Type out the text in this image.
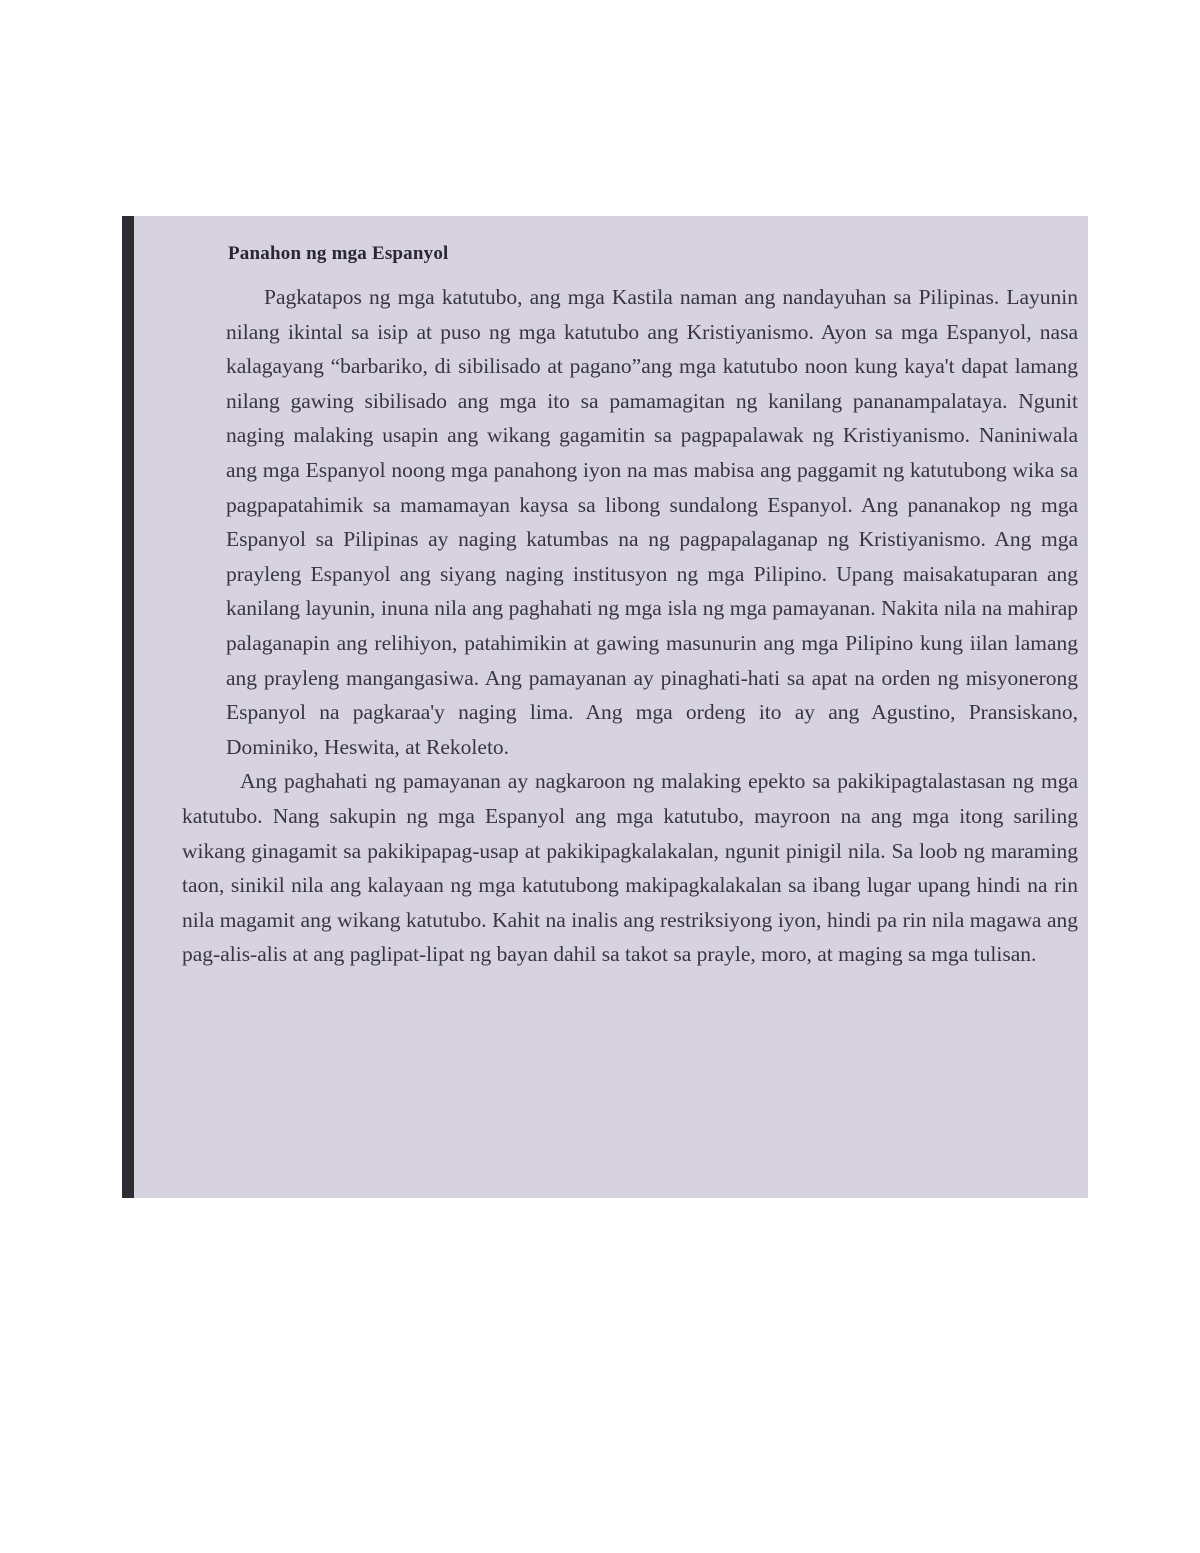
Panahon ng mga Espanyol

Pagkatapos ng mga katutubo, ang mga Kastila naman ang nandayuhan sa Pilipinas. Layunin nilang ikintal sa isip at puso ng mga katutubo ang Kristiyanismo. Ayon sa mga Espanyol, nasa kalagayang “barbariko, di sibilisado at pagano”ang mga katutubo noon kung kaya't dapat lamang nilang gawing sibilisado ang mga ito sa pamamagitan ng kanilang pananampalataya. Ngunit naging malaking usapin ang wikang gagamitin sa pagpapalawak ng Kristiyanismo. Naniniwala ang mga Espanyol noong mga panahong iyon na mas mabisa ang paggamit ng katutubong wika sa pagpapatahimik sa mamamayan kaysa sa libong sundalong Espanyol. Ang pananakop ng mga Espanyol sa Pilipinas ay naging katumbas na ng pagpapalaganap ng Kristiyanismo. Ang mga prayleng Espanyol ang siyang naging institusyon ng mga Pilipino. Upang maisakatuparan ang kanilang layunin, inuna nila ang paghahati ng mga isla ng mga pamayanan. Nakita nila na mahirap palaganapin ang relihiyon, patahimikin at gawing masunurin ang mga Pilipino kung iilan lamang ang prayleng mangangasiwa. Ang pamayanan ay pinaghati-hati sa apat na orden ng misyonerong Espanyol na pagkaraa'y naging lima. Ang mga ordeng ito ay ang Agustino, Pransiskano, Dominiko, Heswita, at Rekoleto.

Ang paghahati ng pamayanan ay nagkaroon ng malaking epekto sa pakikipagtalastasan ng mga katutubo. Nang sakupin ng mga Espanyol ang mga katutubo, mayroon na ang mga itong sariling wikang ginagamit sa pakikipapag-usap at pakikipagkalakalan, ngunit pinigil nila. Sa loob ng maraming taon, sinikil nila ang kalayaan ng mga katutubong makipagkalakalan sa ibang lugar upang hindi na rin nila magamit ang wikang katutubo. Kahit na inalis ang restriksiyong iyon, hindi pa rin nila magawa ang pag-alis-alis at ang paglipat-lipat ng bayan dahil sa takot sa prayle, moro, at maging sa mga tulisan.
